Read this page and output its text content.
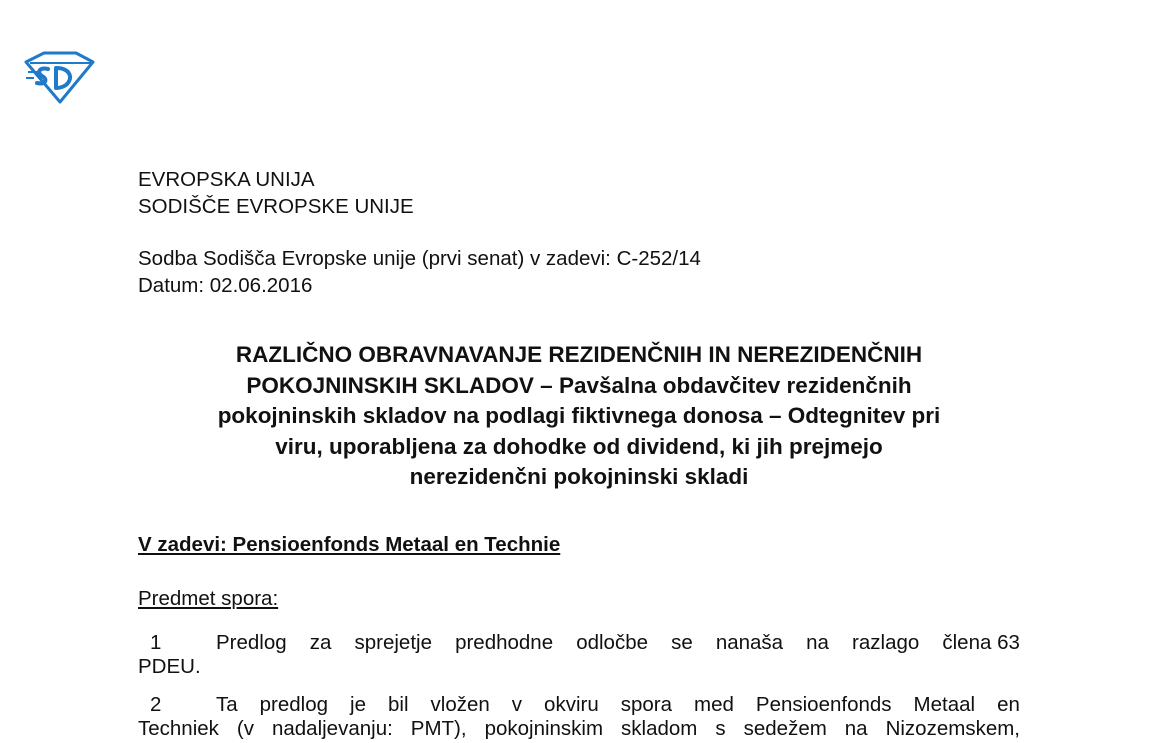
EVROPSKA UNIJA
SODIŠČE EVROPSKE UNIJE
Sodba Sodišča Evropske unije (prvi senat) v zadevi: C-252/14
Datum: 02.06.2016
RAZLIČNO OBRAVNAVANJE REZIDENČNIH IN NEREZIDENČNIH
POKOJNINSKIH SKLADOV – Pavšalna obdavčitev rezidenčnih
pokojninskih skladov na podlagi fiktivnega donosa – Odtegnitev pri
viru, uporabljena za dohodke od dividend, ki jih prejmejo
nerezidenčni pokojninski skladi
V zadevi: Pensioenfonds Metaal en Technie
Predmet spora:
1	Predlog za sprejetje predhodne odločbe se nanaša na razlago člena 63
PDEU.
2	Ta predlog je bil vložen v okviru spora med Pensioenfonds Metaal en
Techniek (v nadaljevanju: PMT), pokojninskim skladom s sedežem na Nizozemskem,
